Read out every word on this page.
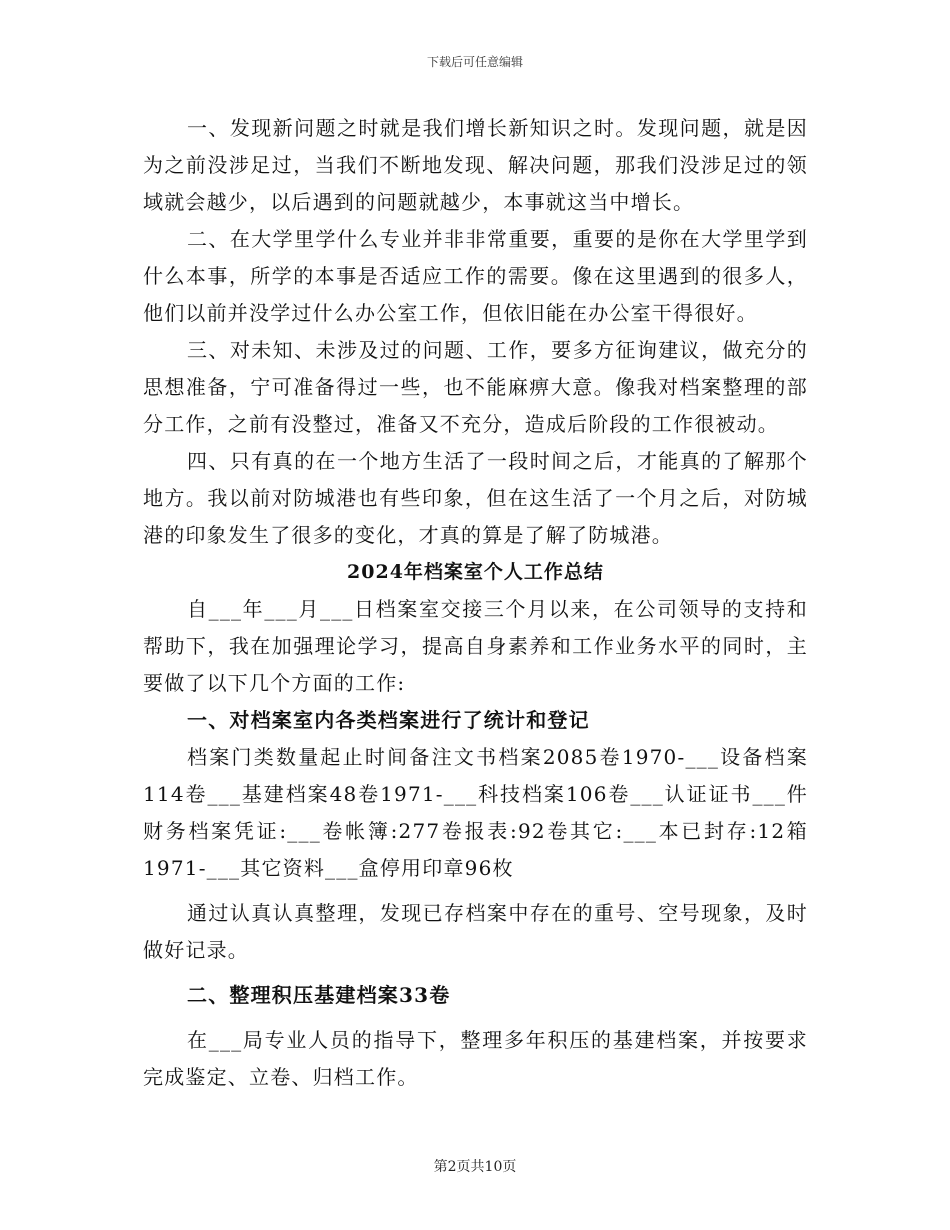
下载后可任意编辑

一、发现新问题之时就是我们增长新知识之时。发现问题，就是因为之前没涉足过，当我们不断地发现、解决问题，那我们没涉足过的领域就会越少，以后遇到的问题就越少，本事就这当中增长。

二、在大学里学什么专业并非非常重要，重要的是你在大学里学到什么本事，所学的本事是否适应工作的需要。像在这里遇到的很多人，他们以前并没学过什么办公室工作，但依旧能在办公室干得很好。

三、对未知、未涉及过的问题、工作，要多方征询建议，做充分的思想准备，宁可准备得过一些，也不能麻痹大意。像我对档案整理的部分工作，之前有没整过，准备又不充分，造成后阶段的工作很被动。

四、只有真的在一个地方生活了一段时间之后，才能真的了解那个地方。我以前对防城港也有些印象，但在这生活了一个月之后，对防城港的印象发生了很多的变化，才真的算是了解了防城港。

2024年档案室个人工作总结

自___年___月___日档案室交接三个月以来，在公司领导的支持和帮助下，我在加强理论学习，提高自身素养和工作业务水平的同时，主要做了以下几个方面的工作:

一、对档案室内各类档案进行了统计和登记

档案门类数量起止时间备注文书档案2085卷1970-___设备档案114卷___基建档案48卷1971-___科技档案106卷___认证证书___件财务档案凭证:___卷帐簿:277卷报表:92卷其它:___本已封存:12箱1971-___其它资料___盒停用印章96枚

通过认真认真整理，发现已存档案中存在的重号、空号现象，及时做好记录。

二、整理积压基建档案33卷

在___局专业人员的指导下，整理多年积压的基建档案，并按要求完成鉴定、立卷、归档工作。

第2页共10页
